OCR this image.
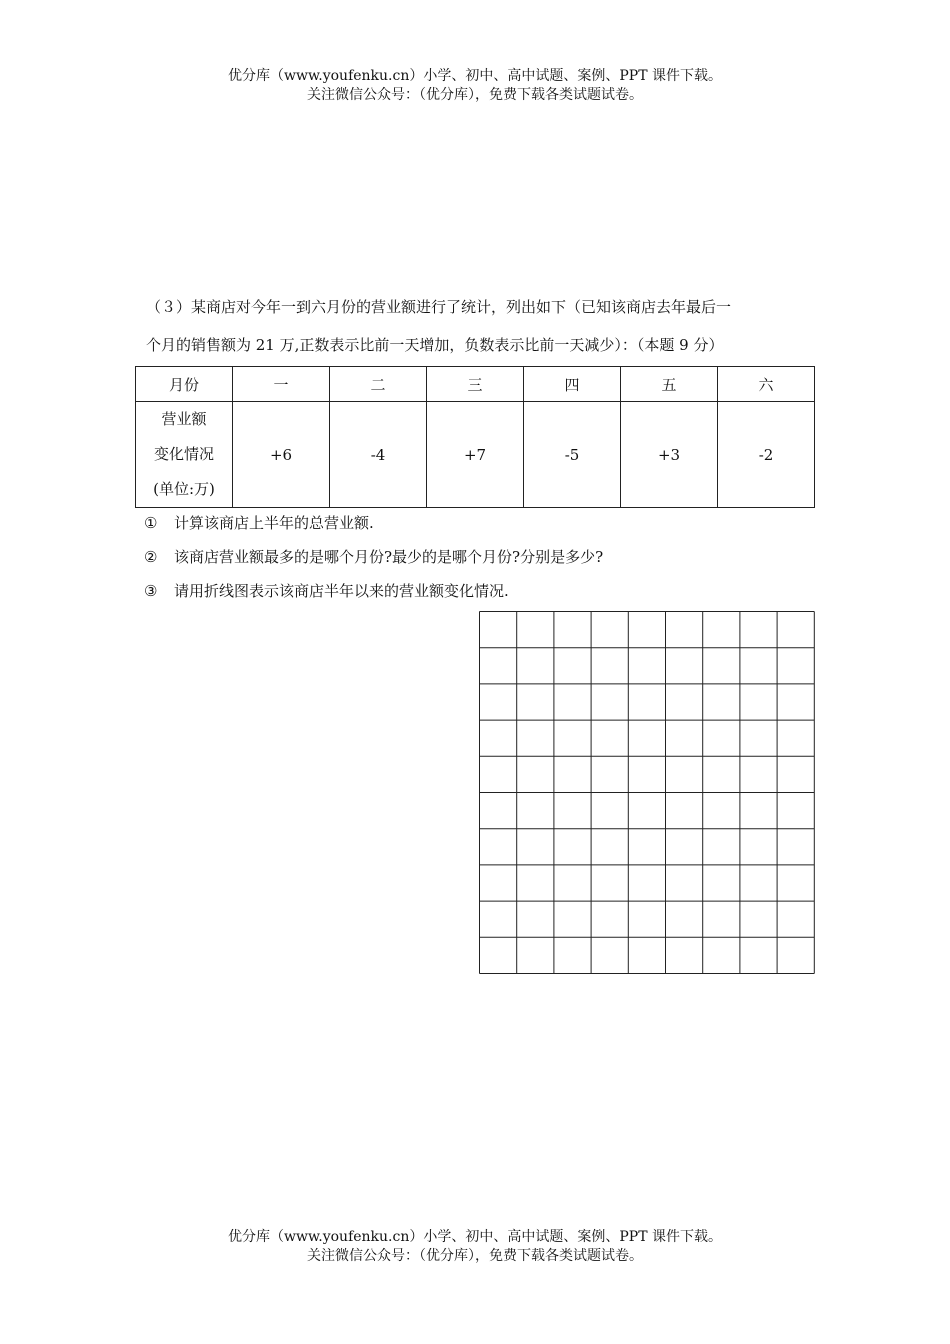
优分库（www.youfenku.cn）小学、初中、高中试题、案例、PPT 课件下载。
关注微信公众号：（优分库），免费下载各类试题试卷。
（３）某商店对今年一到六月份的营业额进行了统计，列出如下（已知该商店去年最后一
个月的销售额为 21 万,正数表示比前一天增加，负数表示比前一天减少）：（本题 9 分）
月份	一	二	三	四	五	六

营业额
变化情况
(单位:万)	+6	-4	+7	-5	+3	-2
① 计算该商店上半年的总营业额.
② 该商店营业额最多的是哪个月份?最少的是哪个月份?分别是多少?
③ 请用折线图表示该商店半年以来的营业额变化情况.
优分库（www.youfenku.cn）小学、初中、高中试题、案例、PPT 课件下载。
关注微信公众号：（优分库），免费下载各类试题试卷。
